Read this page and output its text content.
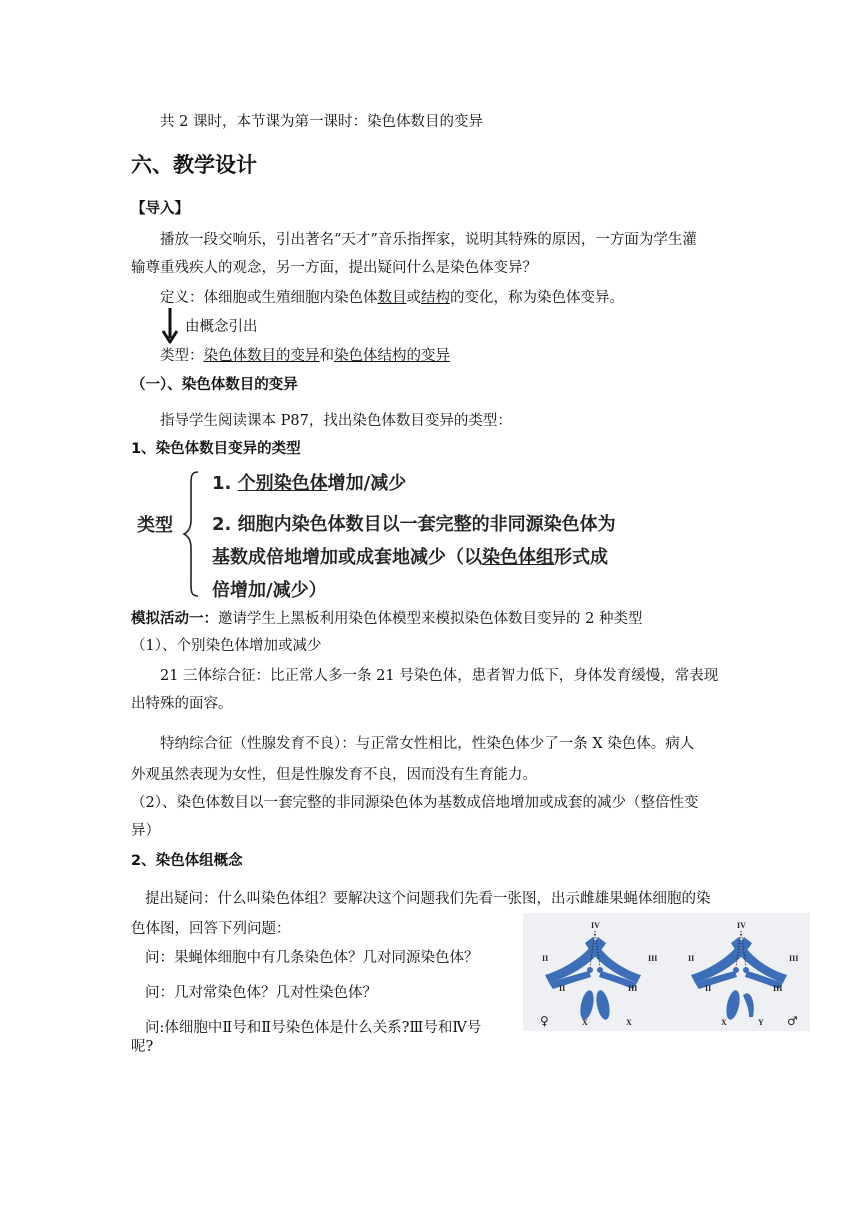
共 2 课时，本节课为第一课时：染色体数目的变异
六、教学设计
【导入】
播放一段交响乐，引出著名“天才”音乐指挥家，说明其特殊的原因，一方面为学生灌
输尊重残疾人的观念，另一方面，提出疑问什么是染色体变异？
定义：体细胞或生殖细胞内染色体数目或结构的变化，称为染色体变异。
由概念引出
类型：染色体数目的变异和染色体结构的变异
（一）、染色体数目的变异
指导学生阅读课本 P87，找出染色体数目变异的类型：
1、染色体数目变异的类型
类型
1. 个别染色体增加/减少
2. 细胞内染色体数目以一套完整的非同源染色体为
基数成倍地增加或成套地减少（以染色体组形式成
倍增加/减少）
模拟活动一：邀请学生上黑板利用染色体模型来模拟染色体数目变异的 2 种类型
（1）、个别染色体增加或减少
21 三体综合征：比正常人多一条 21 号染色体，患者智力低下，身体发育缓慢，常表现
出特殊的面容。
特纳综合征（性腺发育不良）：与正常女性相比，性染色体少了一条 X 染色体。病人
外观虽然表现为女性，但是性腺发育不良，因而没有生育能力。
（2）、染色体数目以一套完整的非同源染色体为基数成倍地增加或成套的减少（整倍性变
异）
2、染色体组概念
提出疑问：什么叫染色体组？要解决这个问题我们先看一张图，出示雌雄果蝇体细胞的染
色体图，回答下列问题：
问：果蝇体细胞中有几条染色体？几对同源染色体？
问：几对常染色体？几对性染色体？
问:体细胞中Ⅱ号和Ⅱ号染色体是什么关系?Ⅲ号和Ⅳ号
呢?
IV	IV
II	III
II	III
II	III
II	III
X	X	X	Y
♀	♂
